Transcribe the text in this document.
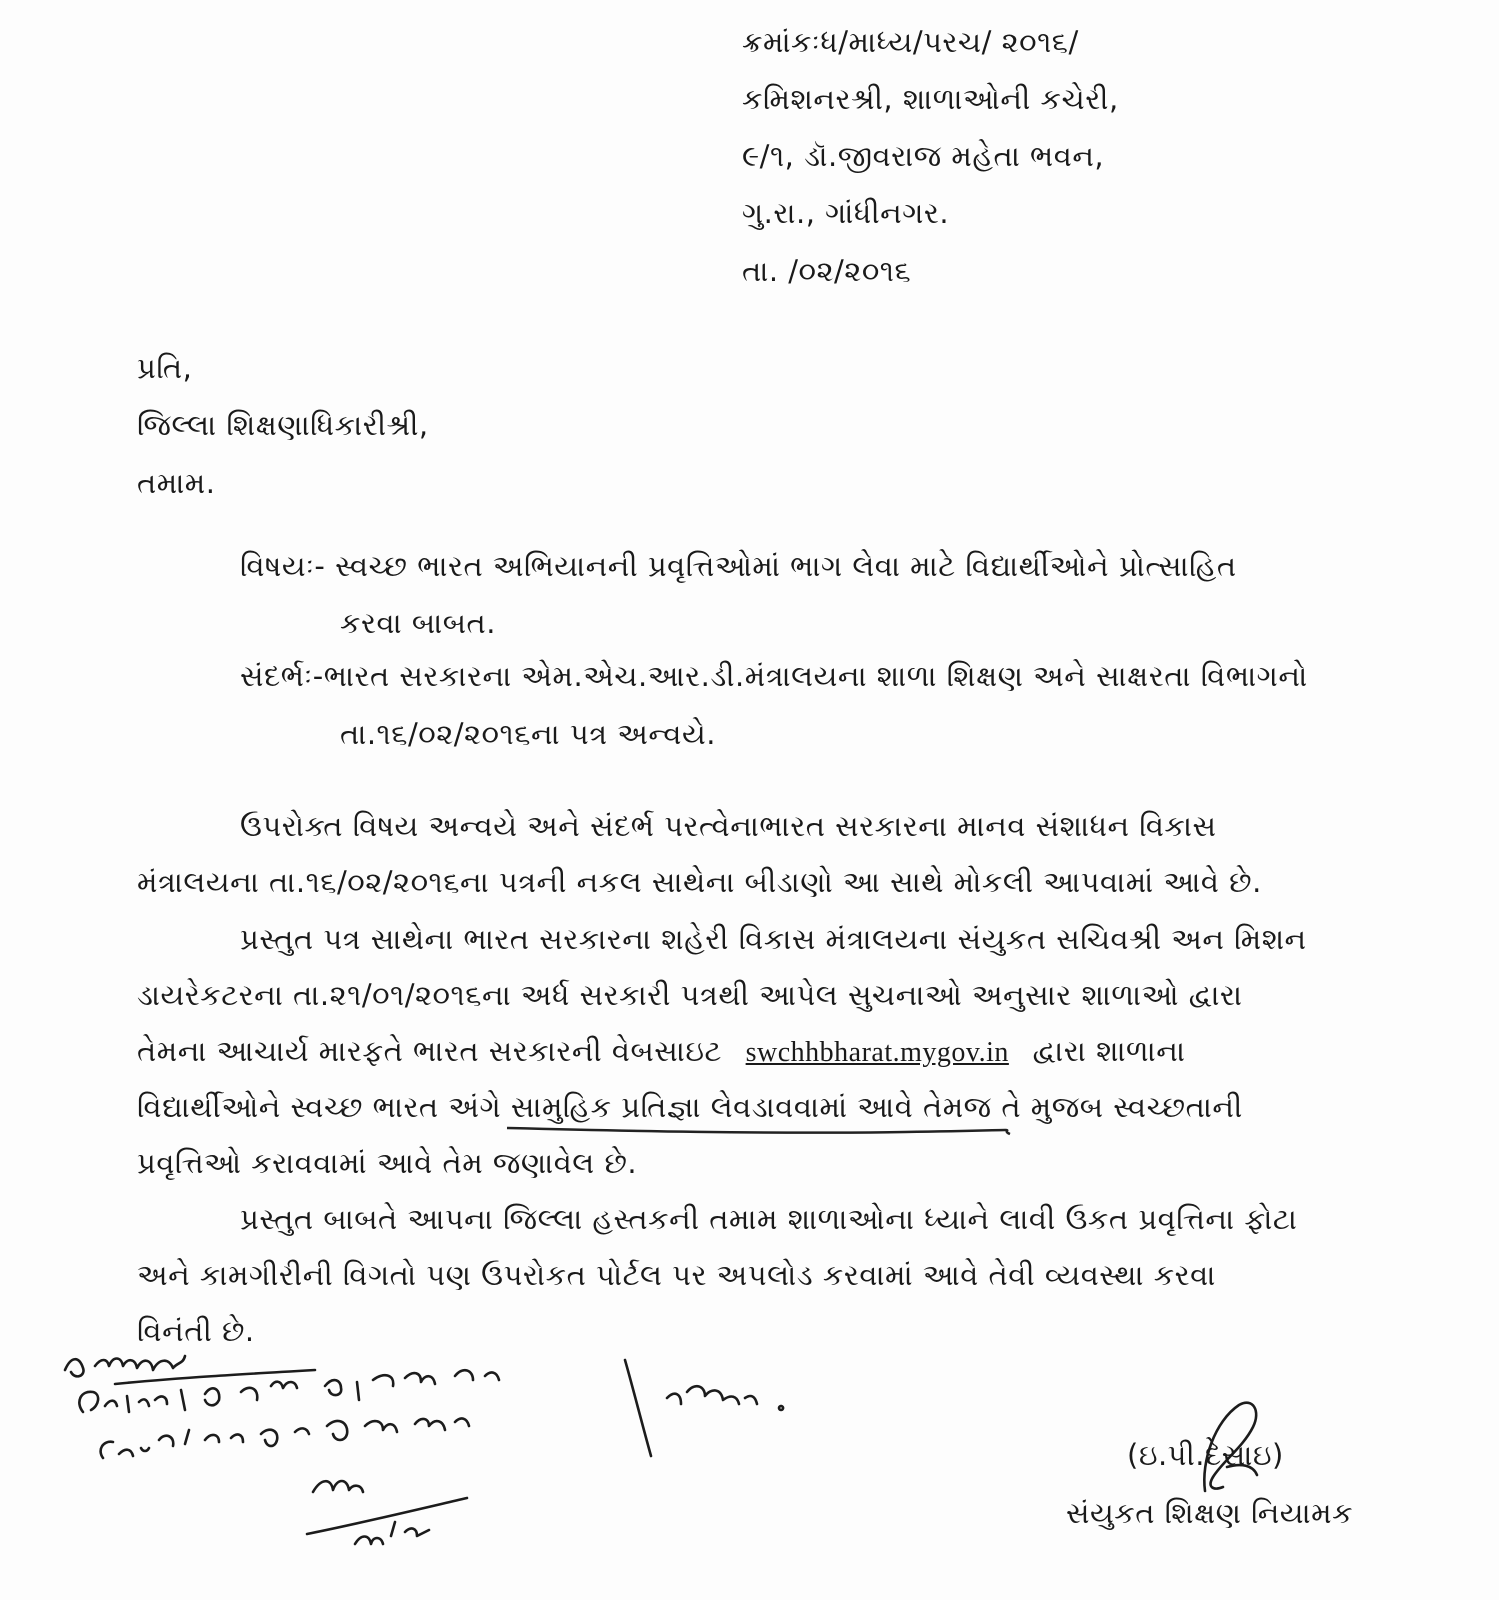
ક્રમાંકઃધ/માધ્ય/પરચ/ ૨૦૧૬/
કમિશનરશ્રી, શાળાઓની કચેરી,
૯/૧, ડૉ.જીવરાજ મહેતા ભવન,
ગુ.રા., ગાંધીનગર.
તા. /૦૨/૨૦૧૬
પ્રતિ,
જિલ્લા શિક્ષણાધિકારીશ્રી,
તમામ.
વિષયઃ- સ્વચ્છ ભારત અભિયાનની પ્રવૃત્તિઓમાં ભાગ લેવા માટે વિદ્યાર્થીઓને પ્રોત્સાહિત
કરવા બાબત.
સંદર્ભઃ-ભારત સરકારના એમ.એચ.આર.ડી.મંત્રાલયના શાળા શિક્ષણ અને સાક્ષરતા વિભાગનો
તા.૧૬/૦૨/૨૦૧૬ના પત્ર અન્વયે.
ઉપરોક્ત વિષય અન્વયે અને સંદર્ભ પરત્વેનાભારત સરકારના માનવ સંશાધન વિકાસ
મંત્રાલયના તા.૧૬/૦૨/૨૦૧૬ના પત્રની નકલ સાથેના બીડાણો આ સાથે મોકલી આપવામાં આવે છે.
પ્રસ્તુત પત્ર સાથેના ભારત સરકારના શહેરી વિકાસ મંત્રાલયના સંયુકત સચિવશ્રી અન મિશન
ડાયરેકટરના તા.૨૧/૦૧/૨૦૧૬ના અર્ધ સરકારી પત્રથી આપેલ સુચનાઓ અનુસાર શાળાઓ દ્વારા
તેમના આચાર્ય મારફતે ભારત સરકારની વેબસાઇટ swchhbharat.mygov.in દ્વારા શાળાના
વિદ્યાર્થીઓને સ્વચ્છ ભારત અંગે સામુહિક પ્રતિજ્ઞા લેવડાવવામાં આવે તેમજ તે મુજબ સ્વચ્છતાની
પ્રવૃત્તિઓ કરાવવામાં આવે તેમ જણાવેલ છે.
પ્રસ્તુત બાબતે આપના જિલ્લા હસ્તકની તમામ શાળાઓના ધ્યાને લાવી ઉકત પ્રવૃત્તિના ફોટા
અને કામગીરીની વિગતો પણ ઉપરોકત પોર્ટલ પર અપલોડ કરવામાં આવે તેવી વ્યવસ્થા કરવા
વિનંતી છે.
(ઇ.પી.દેસાઇ)
સંયુકત શિક્ષણ નિયામક
